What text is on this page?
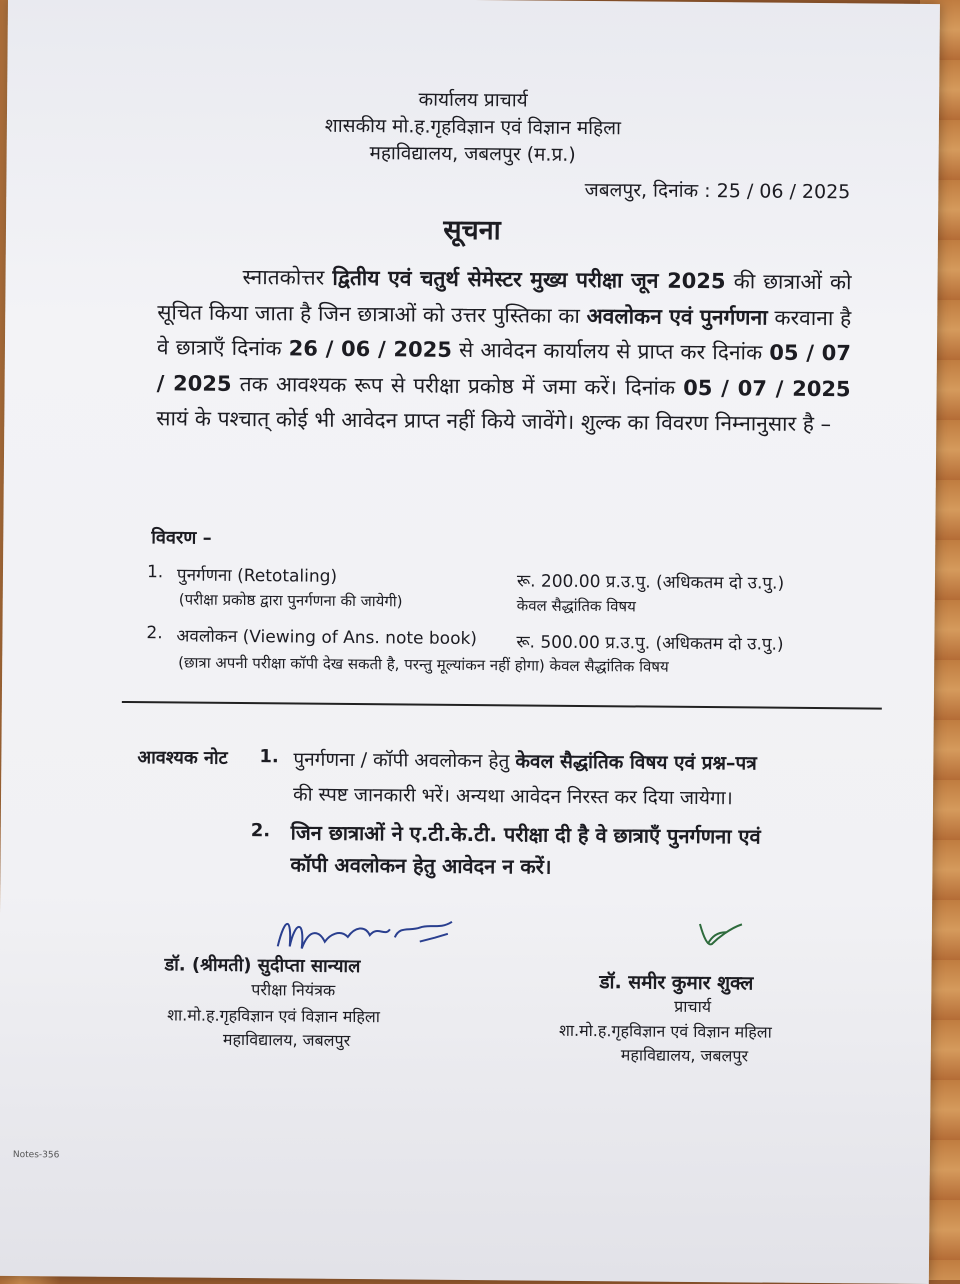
कार्यालय प्राचार्य
शासकीय मो.ह.गृहविज्ञान एवं विज्ञान महिला
महाविद्यालय, जबलपुर (म.प्र.)
जबलपुर, दिनांक : 25 / 06 / 2025
सूचना
स्नातकोत्तर द्वितीय एवं चतुर्थ सेमेस्टर मुख्य परीक्षा जून 2025 की छात्राओं को सूचित किया जाता है जिन छात्राओं को उत्तर पुस्तिका का अवलोकन एवं पुनर्गणना करवाना है वे छात्राएँ दिनांक 26 / 06 / 2025 से आवेदन कार्यालय से प्राप्त कर दिनांक 05 / 07 / 2025 तक आवश्यक रूप से परीक्षा प्रकोष्ठ में जमा करें। दिनांक 05 / 07 / 2025 सायं के पश्चात् कोई भी आवेदन प्राप्त नहीं किये जावेंगे। शुल्क का विवरण निम्नानुसार है –
विवरण –
1. पुनर्गणना (Retotaling)
(परीक्षा प्रकोष्ठ द्वारा पुनर्गणना की जायेगी)
रू. 200.00 प्र.उ.पु. (अधिकतम दो उ.पु.)
केवल सैद्धांतिक विषय
2. अवलोकन (Viewing of Ans. note book)
(छात्रा अपनी परीक्षा कॉपी देख सकती है, परन्तु मूल्यांकन नहीं होगा) केवल सैद्धांतिक विषय
रू. 500.00 प्र.उ.पु. (अधिकतम दो उ.पु.)
आवश्यक नोट 1. पुनर्गणना / कॉपी अवलोकन हेतु केवल सैद्धांतिक विषय एवं प्रश्न–पत्र
की स्पष्ट जानकारी भरें। अन्यथा आवेदन निरस्त कर दिया जायेगा।
2. जिन छात्राओं ने ए.टी.के.टी. परीक्षा दी है वे छात्राएँ पुनर्गणना एवं
कॉपी अवलोकन हेतु आवेदन न करें।
डॉ. (श्रीमती) सुदीप्ता सान्याल
परीक्षा नियंत्रक
शा.मो.ह.गृहविज्ञान एवं विज्ञान महिला
महाविद्यालय, जबलपुर
डॉ. समीर कुमार शुक्ल
प्राचार्य
शा.मो.ह.गृहविज्ञान एवं विज्ञान महिला
महाविद्यालय, जबलपुर
Notes-356
